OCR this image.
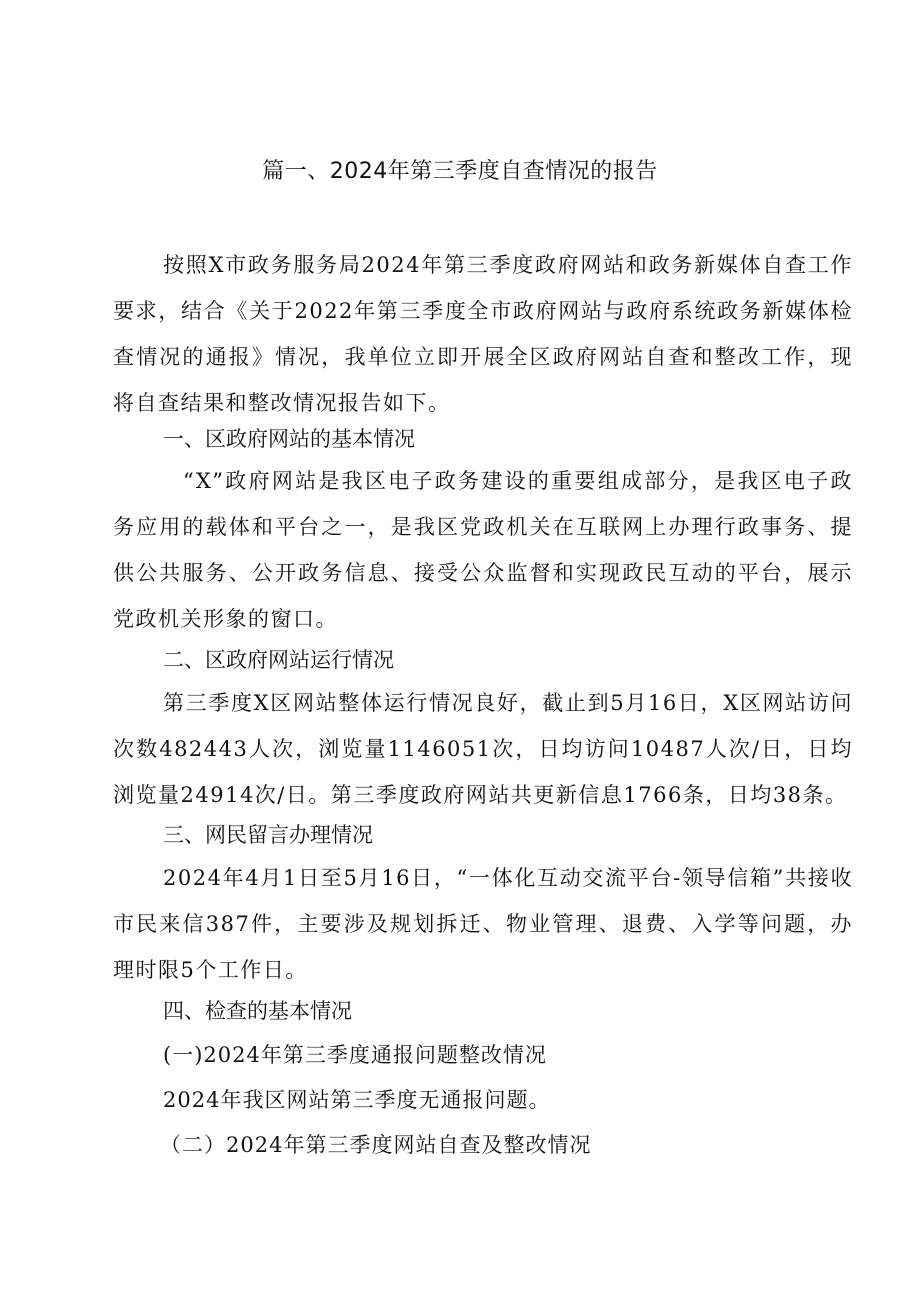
篇一、2024年第三季度自查情况的报告
按照X市政务服务局2024年第三季度政府网站和政务新媒体自查工作要求，结合《关于2022年第三季度全市政府网站与政府系统政务新媒体检查情况的通报》情况，我单位立即开展全区政府网站自查和整改工作，现将自查结果和整改情况报告如下。
一、区政府网站的基本情况
“X”政府网站是我区电子政务建设的重要组成部分，是我区电子政务应用的载体和平台之一，是我区党政机关在互联网上办理行政事务、提供公共服务、公开政务信息、接受公众监督和实现政民互动的平台，展示党政机关形象的窗口。
二、区政府网站运行情况
第三季度X区网站整体运行情况良好，截止到5月16日，X区网站访问次数482443人次，浏览量1146051次，日均访问10487人次/日，日均浏览量24914次/日。第三季度政府网站共更新信息1766条，日均38条。
三、网民留言办理情况
2024年4月1日至5月16日，“一体化互动交流平台-领导信箱”共接收市民来信387件，主要涉及规划拆迁、物业管理、退费、入学等问题，办理时限5个工作日。
四、检查的基本情况
(一)2024年第三季度通报问题整改情况
2024年我区网站第三季度无通报问题。
（二）2024年第三季度网站自查及整改情况
